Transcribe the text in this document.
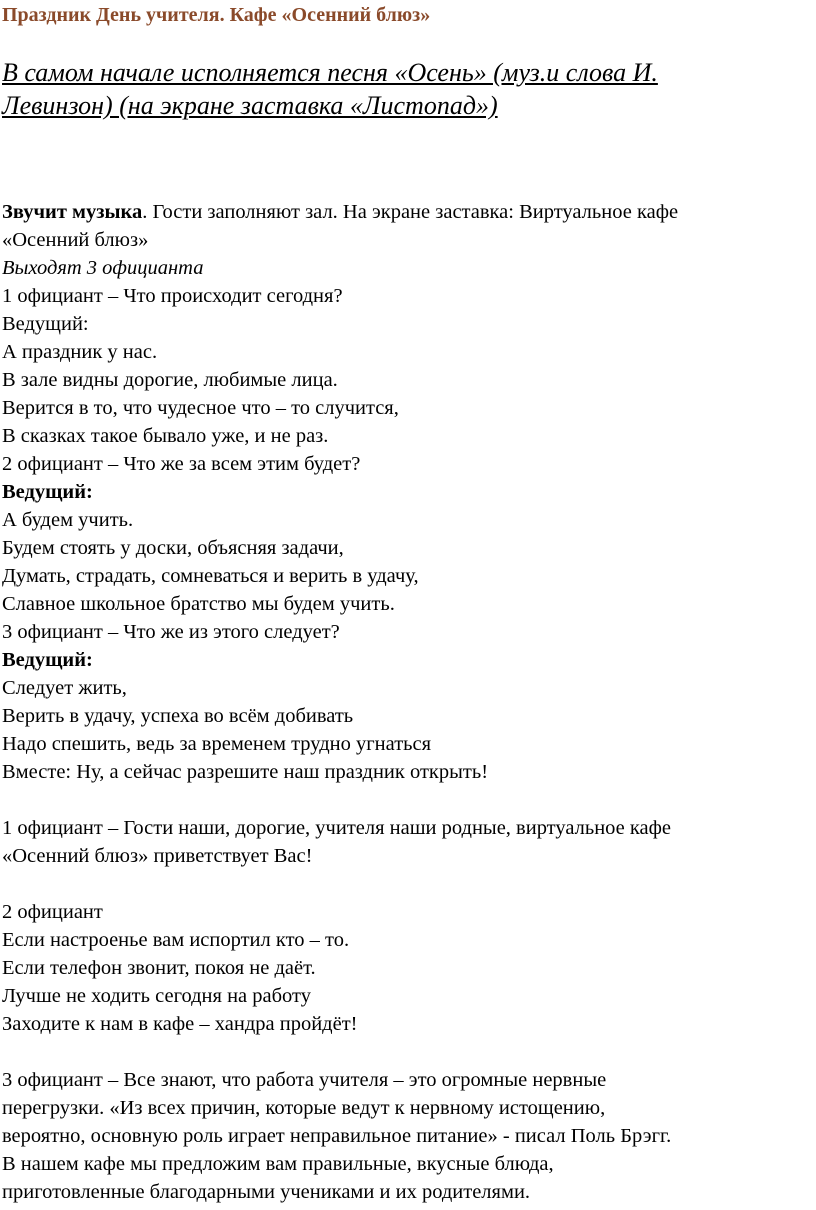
Праздник День учителя. Кафе «Осенний блюз»
В самом начале исполняется песня «Осень» (муз.и слова И.
Левинзон) (на экране заставка «Листопад»)
Звучит музыка. Гости заполняют зал. На экране заставка: Виртуальное кафе
«Осенний блюз»
Выходят 3 официанта
1 официант – Что происходит сегодня?
Ведущий:
А праздник у нас.
В зале видны дорогие, любимые лица.
Верится в то, что чудесное что – то случится,
В сказках такое бывало уже, и не раз.
2 официант – Что же за всем этим будет?
Ведущий:
А будем учить.
Будем стоять у доски, объясняя задачи,
Думать, страдать, сомневаться и верить в удачу,
Славное школьное братство мы будем учить.
3 официант – Что же из этого следует?
Ведущий:
Следует жить,
Верить в удачу, успеха во всём добивать
Надо спешить, ведь за временем трудно угнаться
Вместе: Ну, а сейчас разрешите наш праздник открыть!
1 официант – Гости наши, дорогие, учителя наши родные, виртуальное кафе
«Осенний блюз» приветствует Вас!
2 официант
Если настроенье вам испортил кто – то.
Если телефон звонит, покоя не даёт.
Лучше не ходить сегодня на работу
Заходите к нам в кафе – хандра пройдёт!
3 официант – Все знают, что работа учителя – это огромные нервные
перегрузки. «Из всех причин, которые ведут к нервному истощению,
вероятно, основную роль играет неправильное питание» - писал Поль Брэгг.
В нашем кафе мы предложим вам правильные, вкусные блюда,
приготовленные благодарными учениками и их родителями.
